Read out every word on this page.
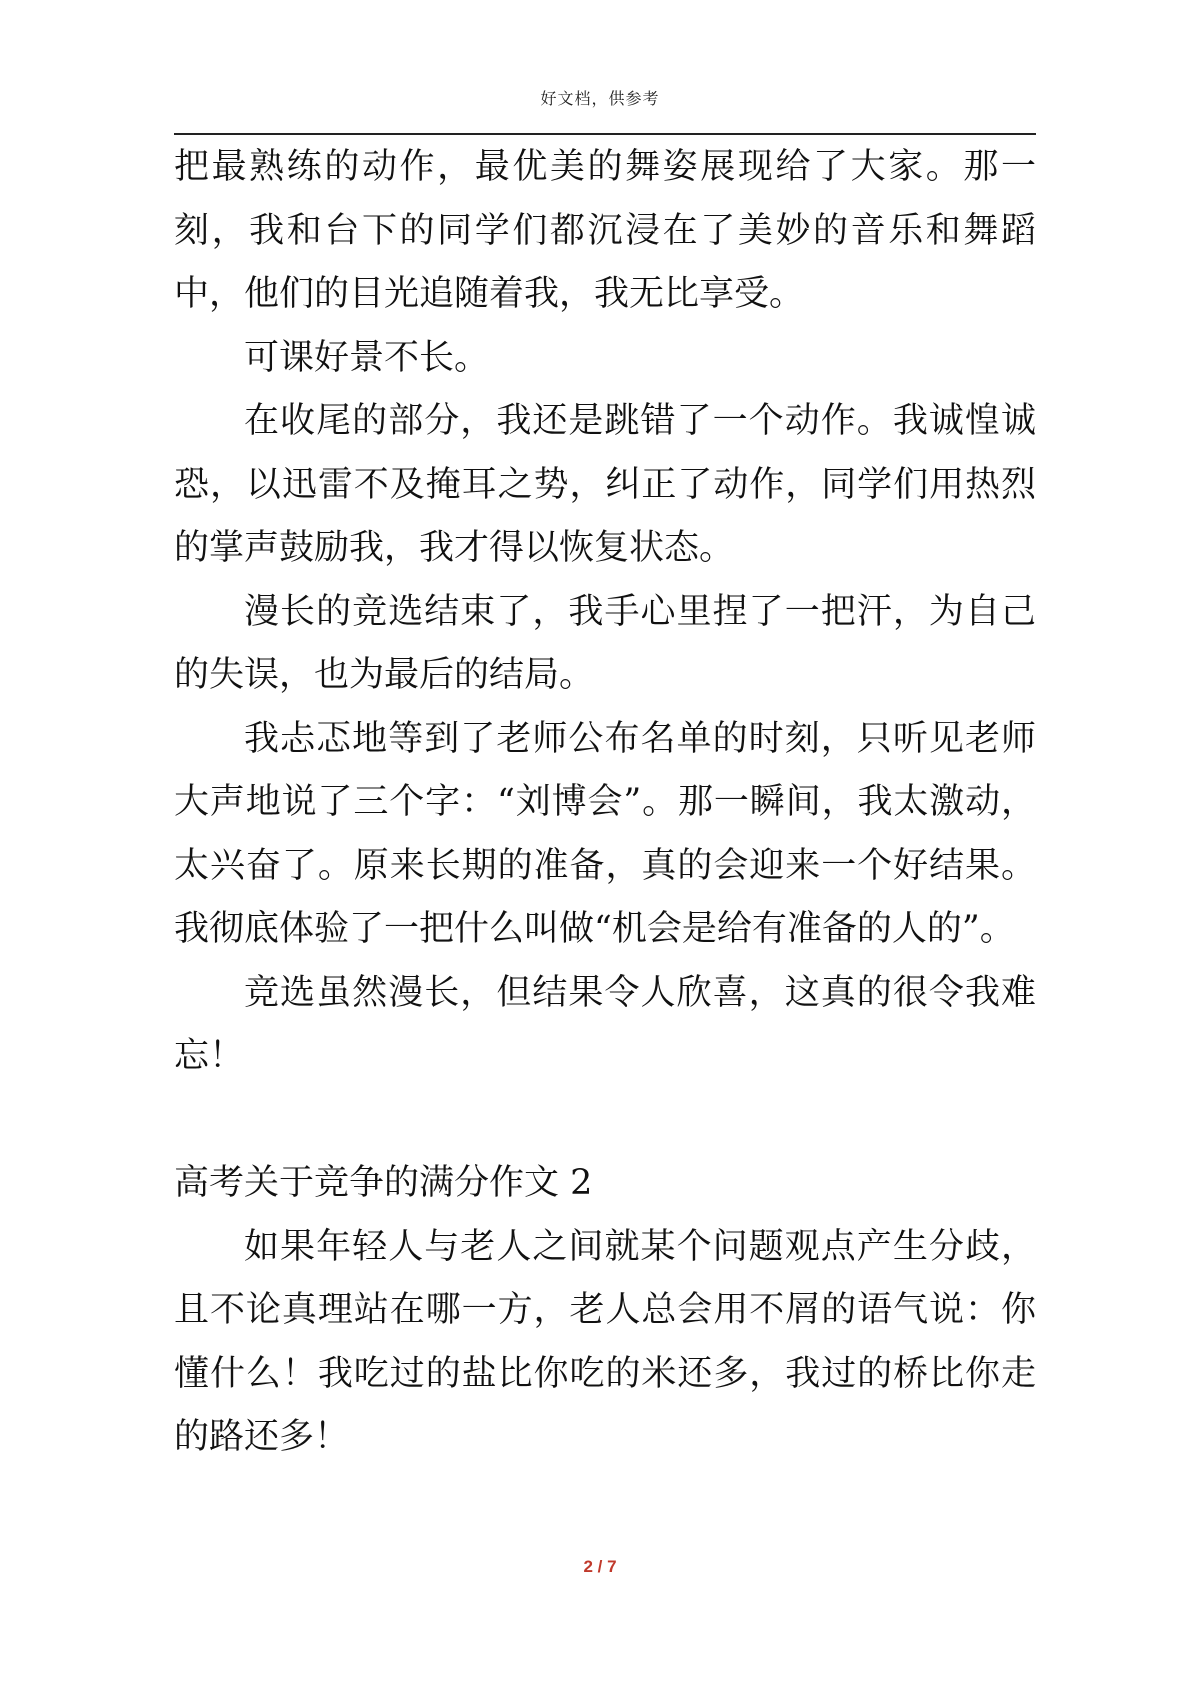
好文档，供参考

把最熟练的动作，最优美的舞姿展现给了大家。那一刻，我和台下的同学们都沉浸在了美妙的音乐和舞蹈中，他们的目光追随着我，我无比享受。

可课好景不长。

在收尾的部分，我还是跳错了一个动作。我诚惶诚恐，以迅雷不及掩耳之势，纠正了动作，同学们用热烈的掌声鼓励我，我才得以恢复状态。

漫长的竞选结束了，我手心里捏了一把汗，为自己的失误，也为最后的结局。

我忐忑地等到了老师公布名单的时刻，只听见老师大声地说了三个字：“刘博会”。那一瞬间，我太激动，太兴奋了。原来长期的准备，真的会迎来一个好结果。我彻底体验了一把什么叫做“机会是给有准备的人的”。

竞选虽然漫长，但结果令人欣喜，这真的很令我难忘！

高考关于竞争的满分作文 2

如果年轻人与老人之间就某个问题观点产生分歧，且不论真理站在哪一方，老人总会用不屑的语气说：你懂什么！我吃过的盐比你吃的米还多，我过的桥比你走的路还多！

2 / 7
